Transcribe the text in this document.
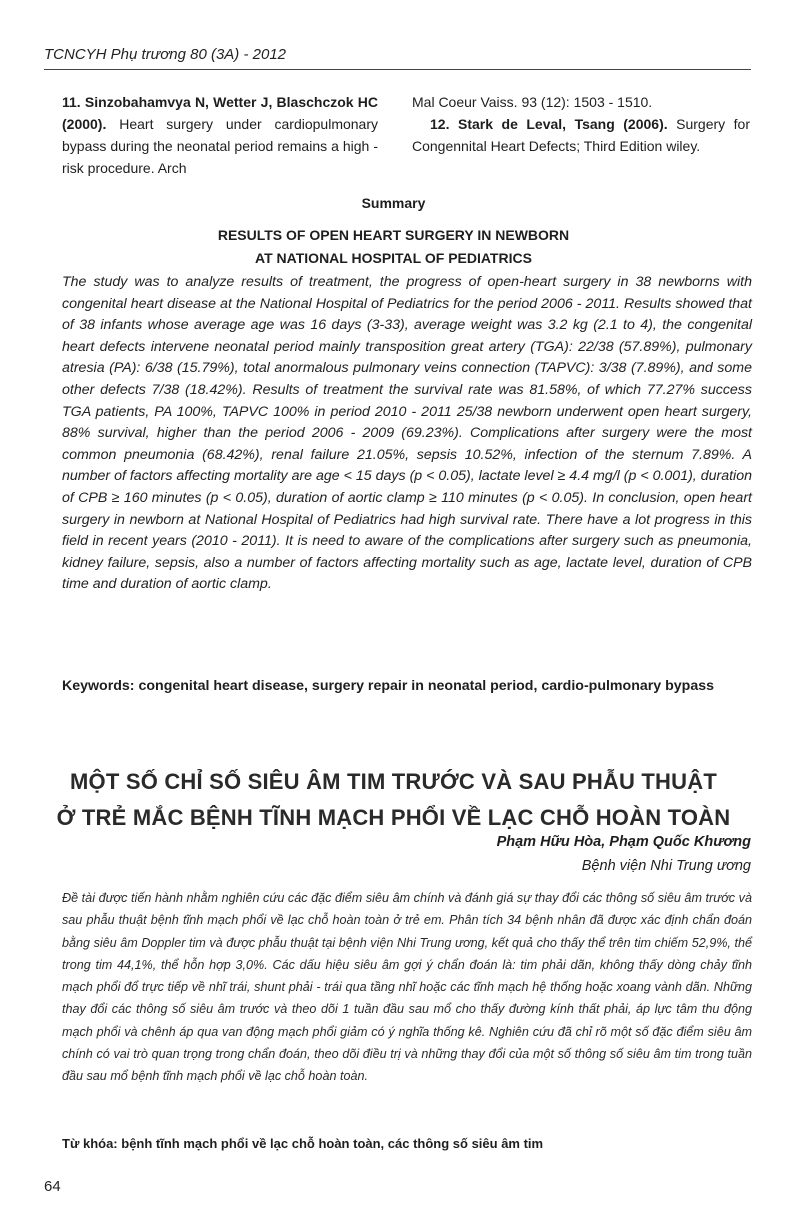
TCNCYH Phụ trương 80 (3A) - 2012
11. Sinzobahamvya N, Wetter J, Blaschczok HC (2000). Heart surgery under cardiopulmonary bypass during the neonatal period remains a high - risk procedure. Arch
Mal Coeur Vaiss. 93 (12): 1503 - 1510.
12. Stark de Leval, Tsang (2006). Surgery for Congennital Heart Defects; Third Edition wiley.
Summary
RESULTS OF OPEN HEART SURGERY IN NEWBORN
AT NATIONAL HOSPITAL OF PEDIATRICS
The study was to analyze results of treatment, the progress of open-heart surgery in 38 newborns with congenital heart disease at the National Hospital of Pediatrics for the period 2006 - 2011. Results showed that of 38 infants whose average age was 16 days (3-33), average weight was 3.2 kg (2.1 to 4), the congenital heart defects intervene neonatal period mainly transposition great artery (TGA): 22/38 (57.89%), pulmonary atresia (PA): 6/38 (15.79%), total anormalous pulmonary veins connection (TAPVC): 3/38 (7.89%), and some other defects 7/38 (18.42%). Results of treatment the survival rate was 81.58%, of which 77.27% success TGA patients, PA 100%, TAPVC 100% in period 2010 - 2011 25/38 newborn underwent open heart surgery, 88% survival, higher than the period 2006 - 2009 (69.23%). Complications after surgery were the most common pneumonia (68.42%), renal failure 21.05%, sepsis 10.52%, infection of the sternum 7.89%. A number of factors affecting mortality are age < 15 days (p < 0.05), lactate level ≥ 4.4 mg/l (p < 0.001), duration of CPB ≥ 160 minutes (p < 0.05), duration of aortic clamp ≥ 110 minutes (p < 0.05). In conclusion, open heart surgery in newborn at National Hospital of Pediatrics had high survival rate. There have a lot progress in this field in recent years (2010 - 2011). It is need to aware of the complications after surgery such as pneumonia, kidney failure, sepsis, also a number of factors affecting mortality such as age, lactate level, duration of CPB time and duration of aortic clamp.
Keywords: congenital heart disease, surgery repair in neonatal period, cardio-pulmonary bypass
MỘT SỐ CHỈ SỐ SIÊU ÂM TIM TRƯỚC VÀ SAU PHẪU THUẬT
Ở TRẺ MẮC BỆNH TĨNH MẠCH PHỔI VỀ LẠC CHỖ HOÀN TOÀN
Phạm Hữu Hòa, Phạm Quốc Khương
Bệnh viện Nhi Trung ương
Đề tài được tiến hành nhằm nghiên cứu các đặc điểm siêu âm chính và đánh giá sự thay đổi các thông số siêu âm trước và sau phẫu thuật bệnh tĩnh mạch phổi về lạc chỗ hoàn toàn ở trẻ em. Phân tích 34 bệnh nhân đã được xác định chẩn đoán bằng siêu âm Doppler tim và được phẫu thuật tại bệnh viện Nhi Trung ương, kết quả cho thấy thể trên tim chiếm 52,9%, thể trong tim 44,1%, thể hỗn hợp 3,0%. Các dấu hiệu siêu âm gợi ý chẩn đoán là: tim phải dãn, không thấy dòng chảy tĩnh mạch phổi đổ trực tiếp về nhĩ trái, shunt phải - trái qua tầng nhĩ hoặc các tĩnh mạch hệ thống hoặc xoang vành dãn. Những thay đổi các thông số siêu âm trước và theo dõi 1 tuần đầu sau mổ cho thấy đường kính thất phải, áp lực tâm thu động mạch phổi và chênh áp qua van động mạch phổi giảm có ý nghĩa thống kê. Nghiên cứu đã chỉ rõ một số đặc điểm siêu âm chính có vai trò quan trọng trong chẩn đoán, theo dõi điều trị và những thay đổi của một số thông số siêu âm tim trong tuần đầu sau mổ bệnh tĩnh mạch phổi về lạc chỗ hoàn toàn.
Từ khóa: bệnh tĩnh mạch phổi về lạc chỗ hoàn toàn, các thông số siêu âm tim
64
